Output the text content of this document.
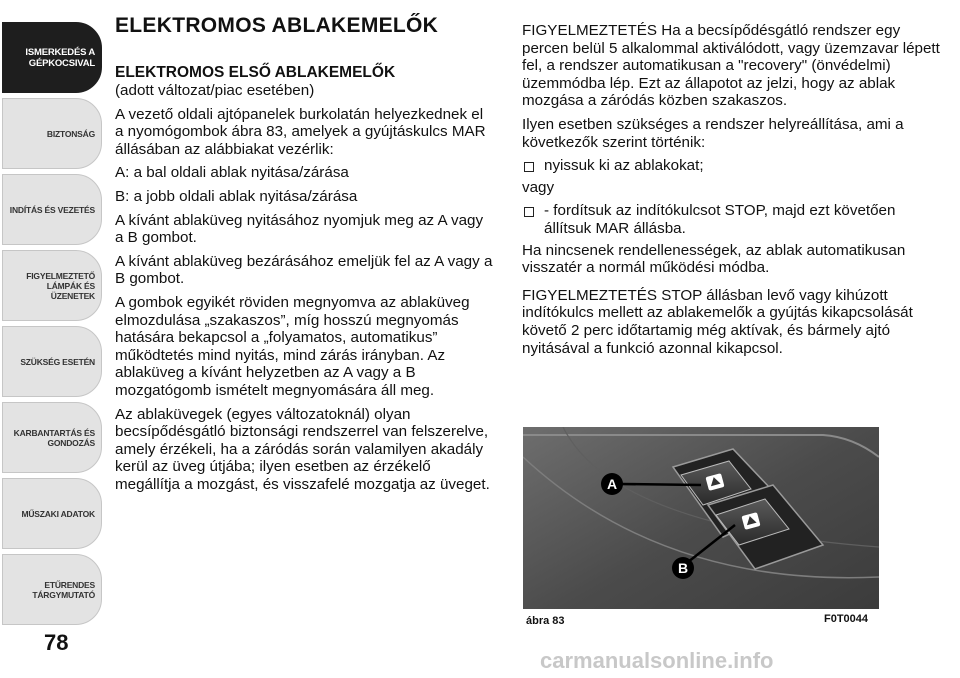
ISMERKEDÉS A
GÉPKOCSIVAL
BIZTONSÁG
INDÍTÁS ÉS VEZETÉS
FIGYELMEZTETŐ
LÁMPÁK ÉS
ÜZENETEK
SZÜKSÉG ESETÉN
KARBANTARTÁS ÉS
GONDOZÁS
MŰSZAKI ADATOK
ETŰRENDES
TÁRGYMUTATÓ
78
ELEKTROMOS ABLAKEMELŐK
ELEKTROMOS ELSŐ ABLAKEMELŐK

(adott változat/piac esetében)

A vezető oldali ajtópanelek burkolatán helyezkednek el a nyomógombok ábra 83, amelyek a gyújtáskulcs MAR állásában az alábbiakat vezérlik:

A: a bal oldali ablak nyitása/zárása

B: a jobb oldali ablak nyitása/zárása

A kívánt ablaküveg nyitásához nyomjuk meg az A vagy a B gombot.

A kívánt ablaküveg bezárásához emeljük fel az A vagy a B gombot.

A gombok egyikét röviden megnyomva az ablaküveg elmozdulása „szakaszos”, míg hosszú megnyomás hatására bekapcsol a „folyamatos, automatikus” működtetés mind nyitás, mind zárás irányban. Az ablaküveg a kívánt helyzetben az A vagy a B mozgatógomb ismételt megnyomására áll meg.

Az ablaküvegek (egyes változatoknál) olyan becsípődésgátló biztonsági rendszerrel van felszerelve, amely érzékeli, ha a záródás során valamilyen akadály kerül az üveg útjába; ilyen esetben az érzékelő megállítja a mozgást, és visszafelé mozgatja az üveget.

FIGYELMEZTETÉS Ha a becsípődésgátló rendszer egy percen belül 5 alkalommal aktiválódott, vagy üzemzavar lépett fel, a rendszer automatikusan a "recovery" (önvédelmi) üzemmódba lép. Ezt az állapotot az jelzi, hogy az ablak mozgása a záródás közben szakaszos.

Ilyen esetben szükséges a rendszer helyreállítása, ami a következők szerint történik:

nyissuk ki az ablakokat;

vagy

- fordítsuk az indítókulcsot STOP, majd ezt követően állítsuk MAR állásba.

Ha nincsenek rendellenességek, az ablak automatikusan visszatér a normál működési módba.

FIGYELMEZTETÉS STOP állásban levő vagy kihúzott indítókulcs mellett az ablakemelők a gyújtás kikapcsolását követő 2 perc időtartamig még aktívak, és bármely ajtó nyitásával a funkció azonnal kikapcsol.

A
B
ábra 83	F0T0044
carmanualsonline.info
